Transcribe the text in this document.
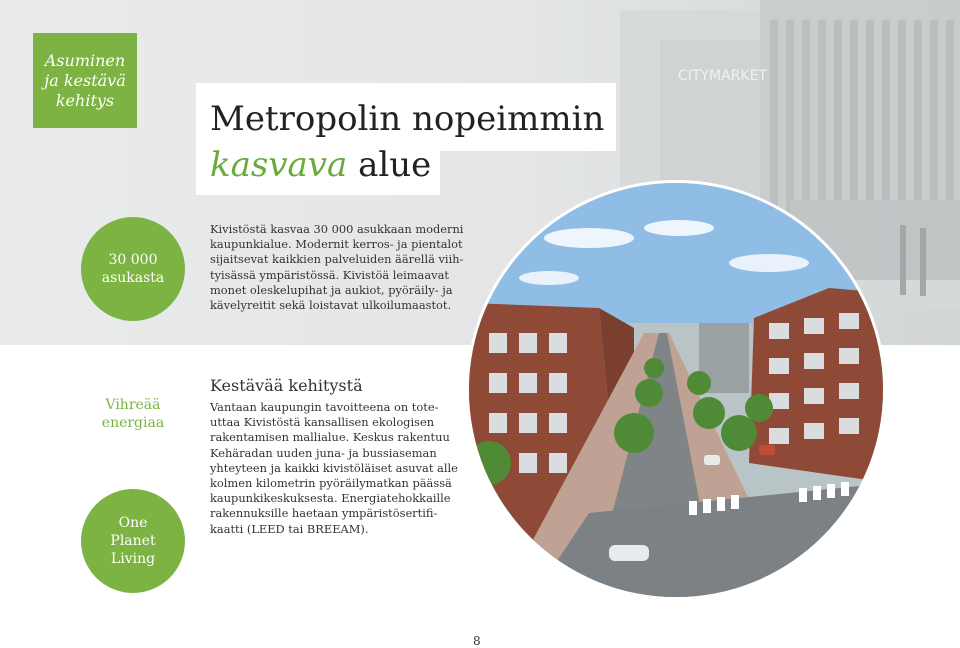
CITYMARKET
Asuminen
ja kestävä
kehitys	Metropolin nopeimmin
kasvava alue
30 000
asukasta
Kivistöstä kasvaa 30 000 asukkaan moderni
kaupunkialue. Modernit kerros- ja pientalot
sijaitsevat kaikkien palveluiden äärellä viih-
tyisässä ympäristössä. Kivistöä leimaavat
monet oleskelupihat ja aukiot, pyöräily- ja
kävelyreitit sekä loistavat ulkoilumaastot.
Vihreää
energiaa
One
Planet
Living
Kestävää kehitystä
Vantaan kaupungin tavoitteena on tote-
uttaa Kivistöstä kansallisen ekologisen
rakentamisen mallialue. Keskus rakentuu
Kehäradan uuden juna- ja bussiaseman
yhteyteen ja kaikki kivistöläiset asuvat alle
kolmen kilometrin pyöräilymatkan päässä
kaupunkikeskuksesta. Energiatehokkaille
rakennuksille haetaan ympäristösertifi-
kaatti (LEED tai BREEAM).
8
